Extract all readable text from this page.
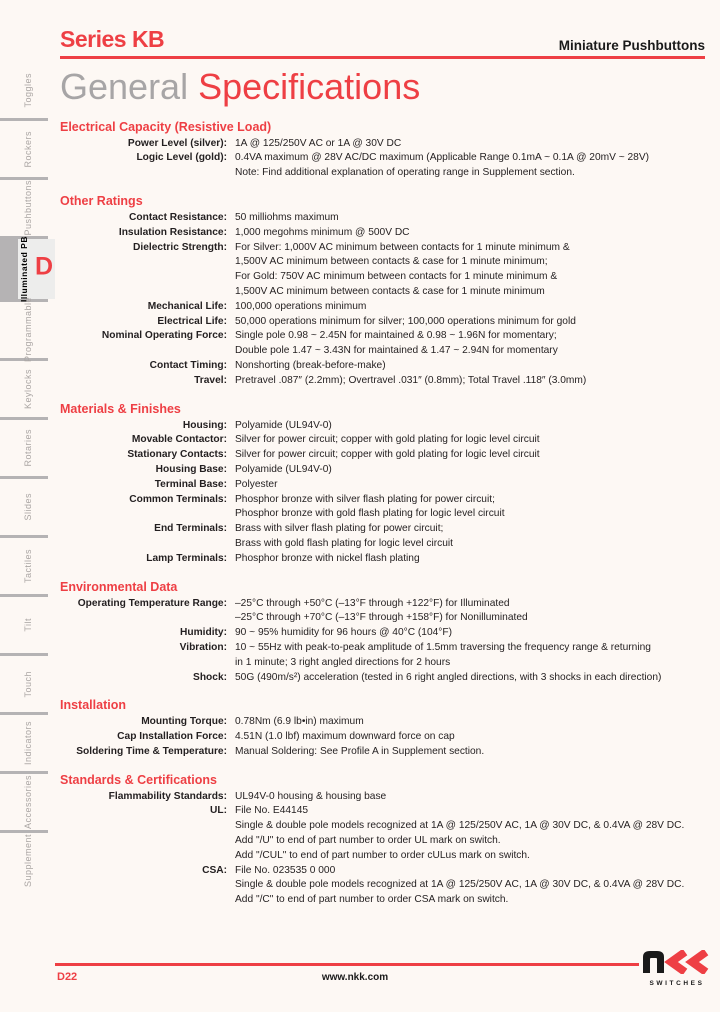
Toggles
Rockers
Pushbuttons
Illuminated PB D
Programmable
Keylocks
Rotaries
Slides
Tactiles
Tilt
Touch
Indicators
Accessories
Supplement
Series KB	Miniature Pushbuttons
General Specifications
Electrical Capacity (Resistive Load)
Power Level (silver): 1A @ 125/250V AC or 1A @ 30V DC
Logic Level (gold): 0.4VA maximum @ 28V AC/DC maximum (Applicable Range 0.1mA ~ 0.1A @ 20mV ~ 28V)
Note: Find additional explanation of operating range in Supplement section.
Other Ratings
Contact Resistance: 50 milliohms maximum
Insulation Resistance: 1,000 megohms minimum @ 500V DC
Dielectric Strength: For Silver: 1,000V AC minimum between contacts for 1 minute minimum &
1,500V AC minimum between contacts & case for 1 minute minimum;
For Gold: 750V AC minimum between contacts for 1 minute minimum &
1,500V AC minimum between contacts & case for 1 minute minimum
Mechanical Life: 100,000 operations minimum
Electrical Life: 50,000 operations minimum for silver; 100,000 operations minimum for gold
Nominal Operating Force: Single pole 0.98 ~ 2.45N for maintained & 0.98 ~ 1.96N for momentary;
Double pole 1.47 ~ 3.43N for maintained & 1.47 ~ 2.94N for momentary
Contact Timing: Nonshorting (break-before-make)
Travel: Pretravel .087″ (2.2mm); Overtravel .031″ (0.8mm); Total Travel .118″ (3.0mm)
Materials & Finishes
Housing: Polyamide (UL94V-0)
Movable Contactor: Silver for power circuit; copper with gold plating for logic level circuit
Stationary Contacts: Silver for power circuit; copper with gold plating for logic level circuit
Housing Base: Polyamide (UL94V-0)
Terminal Base: Polyester
Common Terminals: Phosphor bronze with silver flash plating for power circuit;
Phosphor bronze with gold flash plating for logic level circuit
End Terminals: Brass with silver flash plating for power circuit;
Brass with gold flash plating for logic level circuit
Lamp Terminals: Phosphor bronze with nickel flash plating
Environmental Data
Operating Temperature Range: –25°C through +50°C (–13°F through +122°F) for Illuminated
–25°C through +70°C (–13°F through +158°F) for Nonilluminated
Humidity: 90 ~ 95% humidity for 96 hours @ 40°C (104°F)
Vibration: 10 ~ 55Hz with peak-to-peak amplitude of 1.5mm traversing the frequency range & returning
in 1 minute; 3 right angled directions for 2 hours
Shock: 50G (490m/s²) acceleration (tested in 6 right angled directions, with 3 shocks in each direction)
Installation
Mounting Torque: 0.78Nm (6.9 lb•in) maximum
Cap Installation Force: 4.51N (1.0 lbf) maximum downward force on cap
Soldering Time & Temperature: Manual Soldering: See Profile A in Supplement section.
Standards & Certifications
Flammability Standards: UL94V-0 housing & housing base
UL: File No. E44145
Single & double pole models recognized at 1A @ 125/250V AC, 1A @ 30V DC, & 0.4VA @ 28V DC.
Add "/U" to end of part number to order UL mark on switch.
Add "/CUL" to end of part number to order cULus mark on switch.
CSA: File No. 023535 0 000
Single & double pole models recognized at 1A @ 125/250V AC, 1A @ 30V DC, & 0.4VA @ 28V DC.
Add "/C" to end of part number to order CSA mark on switch.
D22	www.nkk.com
SWITCHES
